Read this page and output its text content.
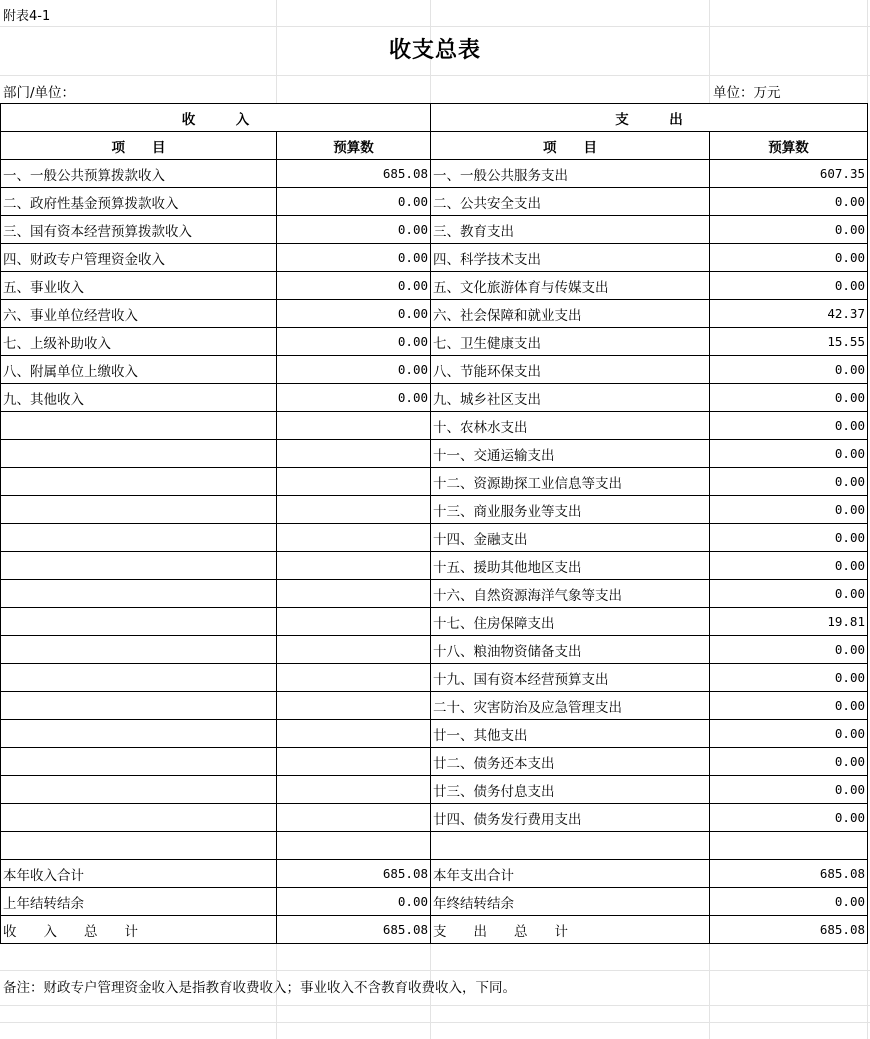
附表4-1
收支总表
部门/单位：	单位：万元
收　　　入		支　　　出	
项　　目	预算数	项　　目	预算数
一、一般公共预算拨款收入	685.08	一、一般公共服务支出	607.35
二、政府性基金预算拨款收入	0.00	二、公共安全支出	0.00
三、国有资本经营预算拨款收入	0.00	三、教育支出	0.00
四、财政专户管理资金收入	0.00	四、科学技术支出	0.00
五、事业收入	0.00	五、文化旅游体育与传媒支出	0.00
六、事业单位经营收入	0.00	六、社会保障和就业支出	42.37
七、上级补助收入	0.00	七、卫生健康支出	15.55
八、附属单位上缴收入	0.00	八、节能环保支出	0.00
九、其他收入	0.00	九、城乡社区支出	0.00
		十、农林水支出	0.00
		十一、交通运输支出	0.00
		十二、资源勘探工业信息等支出	0.00
		十三、商业服务业等支出	0.00
		十四、金融支出	0.00
		十五、援助其他地区支出	0.00
		十六、自然资源海洋气象等支出	0.00
		十七、住房保障支出	19.81
		十八、粮油物资储备支出	0.00
		十九、国有资本经营预算支出	0.00
		二十、灾害防治及应急管理支出	0.00
		廿一、其他支出	0.00
		廿二、债务还本支出	0.00
		廿三、债务付息支出	0.00
		廿四、债务发行费用支出	0.00

本年收入合计	685.08	本年支出合计	685.08
上年结转结余	0.00	年终结转结余	0.00
收　　入　　总　　计	685.08	支　　出　　总　　计	685.08
备注：财政专户管理资金收入是指教育收费收入；事业收入不含教育收费收入，下同。
